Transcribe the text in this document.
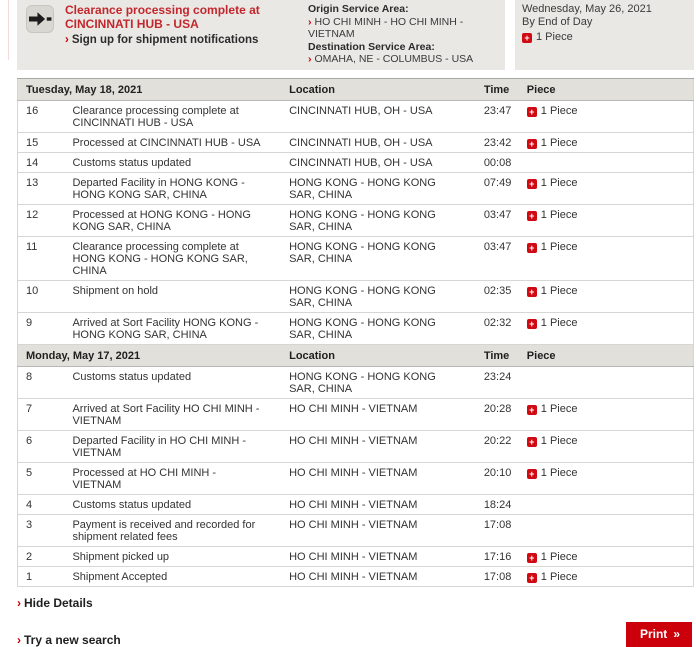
Clearance processing complete at CINCINNATI HUB - USA
› Sign up for shipment notifications
Origin Service Area:
› HO CHI MINH - HO CHI MINH - VIETNAM
Destination Service Area:
› OMAHA, NE - COLUMBUS - USA
Wednesday, May 26, 2021
By End of Day
+ 1 Piece
Tuesday, May 18, 2021		Location	Time	Piece
16	Clearance processing complete at CINCINNATI HUB - USA	CINCINNATI HUB, OH - USA	23:47	+ 1 Piece
15	Processed at CINCINNATI HUB - USA	CINCINNATI HUB, OH - USA	23:42	+ 1 Piece
14	Customs status updated	CINCINNATI HUB, OH - USA	00:08	
13	Departed Facility in HONG KONG - HONG KONG SAR, CHINA	HONG KONG - HONG KONG SAR, CHINA	07:49	+ 1 Piece
12	Processed at HONG KONG - HONG KONG SAR, CHINA	HONG KONG - HONG KONG SAR, CHINA	03:47	+ 1 Piece
11	Clearance processing complete at HONG KONG - HONG KONG SAR, CHINA	HONG KONG - HONG KONG SAR, CHINA	03:47	+ 1 Piece
10	Shipment on hold	HONG KONG - HONG KONG SAR, CHINA	02:35	+ 1 Piece
9	Arrived at Sort Facility HONG KONG - HONG KONG SAR, CHINA	HONG KONG - HONG KONG SAR, CHINA	02:32	+ 1 Piece
Monday, May 17, 2021		Location	Time	Piece
8	Customs status updated	HONG KONG - HONG KONG SAR, CHINA	23:24	
7	Arrived at Sort Facility HO CHI MINH - VIETNAM	HO CHI MINH - VIETNAM	20:28	+ 1 Piece
6	Departed Facility in HO CHI MINH - VIETNAM	HO CHI MINH - VIETNAM	20:22	+ 1 Piece
5	Processed at HO CHI MINH - VIETNAM	HO CHI MINH - VIETNAM	20:10	+ 1 Piece
4	Customs status updated	HO CHI MINH - VIETNAM	18:24	
3	Payment is received and recorded for shipment related fees	HO CHI MINH - VIETNAM	17:08	
2	Shipment picked up	HO CHI MINH - VIETNAM	17:16	+ 1 Piece
1	Shipment Accepted	HO CHI MINH - VIETNAM	17:08	+ 1 Piece
› Hide Details
› Try a new search	Print »
